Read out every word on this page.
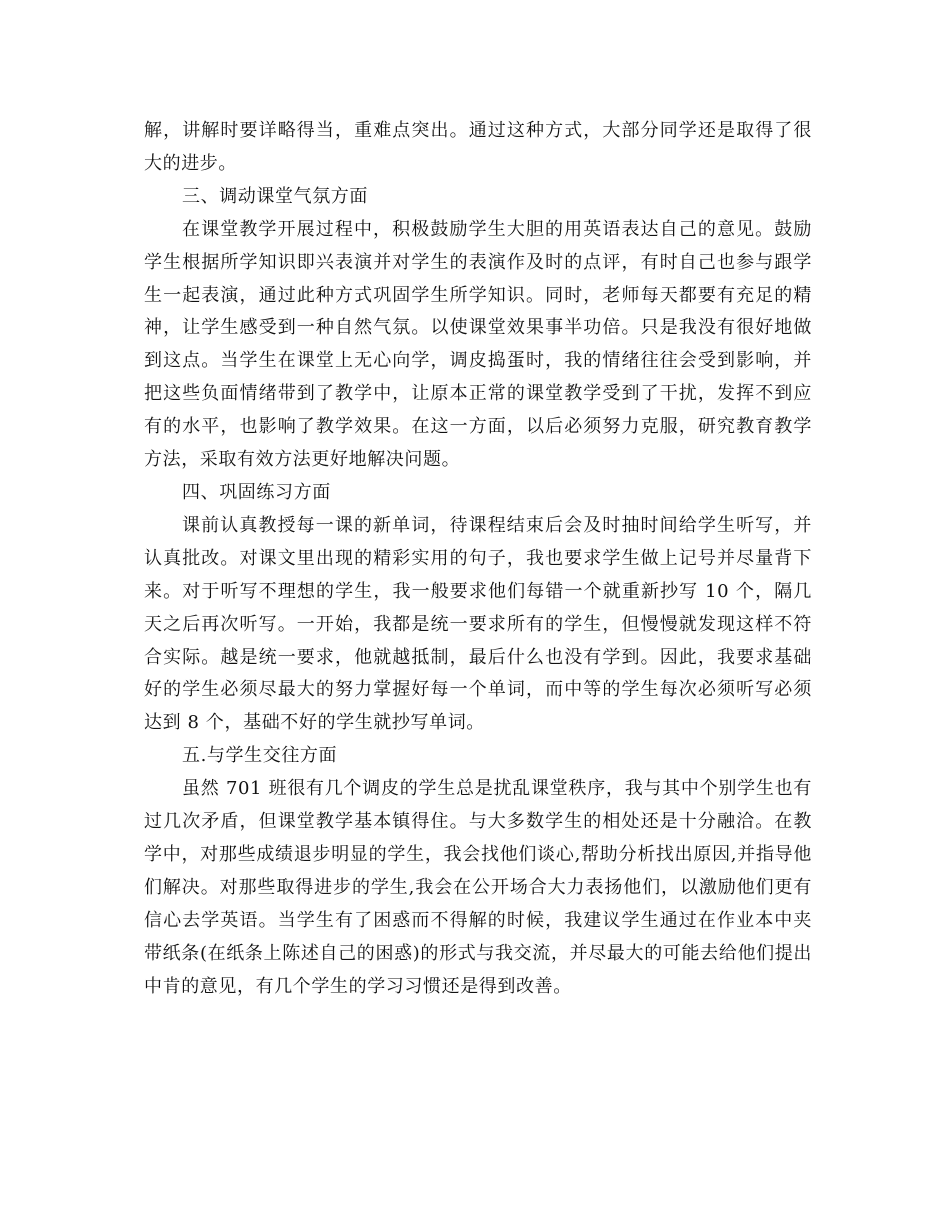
解，讲解时要详略得当，重难点突出。通过这种方式，大部分同学还是取得了很大的进步。

三、调动课堂气氛方面

在课堂教学开展过程中，积极鼓励学生大胆的用英语表达自己的意见。鼓励学生根据所学知识即兴表演并对学生的表演作及时的点评，有时自己也参与跟学生一起表演，通过此种方式巩固学生所学知识。同时，老师每天都要有充足的精神，让学生感受到一种自然气氛。以使课堂效果事半功倍。只是我没有很好地做到这点。当学生在课堂上无心向学，调皮捣蛋时，我的情绪往往会受到影响，并把这些负面情绪带到了教学中，让原本正常的课堂教学受到了干扰，发挥不到应有的水平，也影响了教学效果。在这一方面，以后必须努力克服，研究教育教学方法，采取有效方法更好地解决问题。

四、巩固练习方面

课前认真教授每一课的新单词，待课程结束后会及时抽时间给学生听写，并认真批改。对课文里出现的精彩实用的句子，我也要求学生做上记号并尽量背下来。对于听写不理想的学生，我一般要求他们每错一个就重新抄写 10 个，隔几天之后再次听写。一开始，我都是统一要求所有的学生，但慢慢就发现这样不符合实际。越是统一要求，他就越抵制，最后什么也没有学到。因此，我要求基础好的学生必须尽最大的努力掌握好每一个单词，而中等的学生每次必须听写必须达到 8 个，基础不好的学生就抄写单词。

五.与学生交往方面

虽然 701 班很有几个调皮的学生总是扰乱课堂秩序，我与其中个别学生也有过几次矛盾，但课堂教学基本镇得住。与大多数学生的相处还是十分融洽。在教学中，对那些成绩退步明显的学生，我会找他们谈心,帮助分析找出原因,并指导他们解决。对那些取得进步的学生,我会在公开场合大力表扬他们，以激励他们更有信心去学英语。当学生有了困惑而不得解的时候，我建议学生通过在作业本中夹带纸条(在纸条上陈述自己的困惑)的形式与我交流，并尽最大的可能去给他们提出中肯的意见，有几个学生的学习习惯还是得到改善。
